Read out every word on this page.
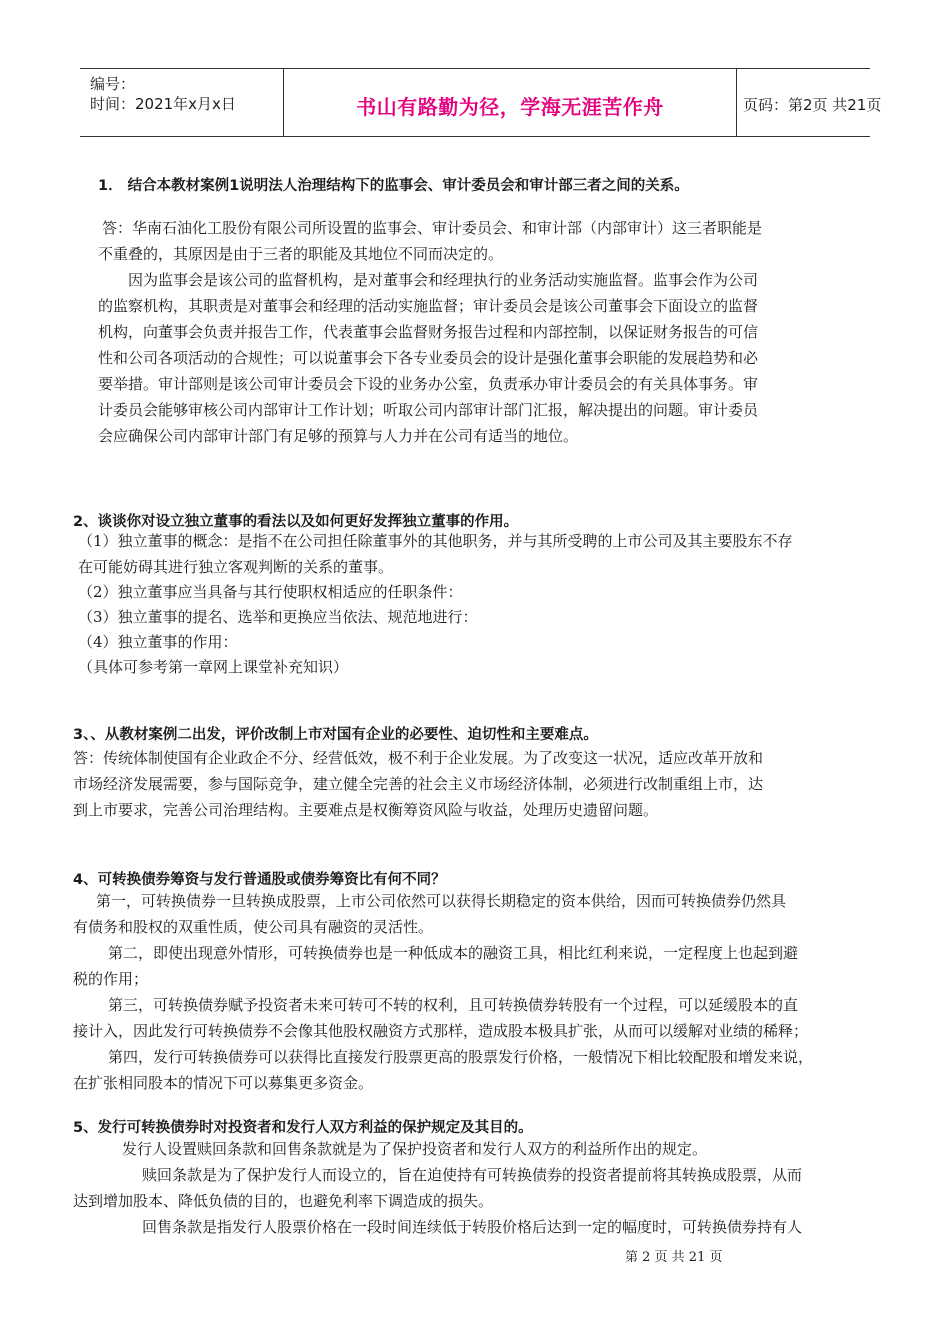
编号：
时间：2021年x月x日	书山有路勤为径，学海无涯苦作舟	页码：第2页 共21页
1． 结合本教材案例1说明法人治理结构下的监事会、审计委员会和审计部三者之间的关系。
答：华南石油化工股份有限公司所设置的监事会、审计委员会、和审计部（内部审计）这三者职能是
不重叠的，其原因是由于三者的职能及其地位不同而决定的。
因为监事会是该公司的监督机构，是对董事会和经理执行的业务活动实施监督。监事会作为公司
的监察机构，其职责是对董事会和经理的活动实施监督；审计委员会是该公司董事会下面设立的监督
机构，向董事会负责并报告工作，代表董事会监督财务报告过程和内部控制，以保证财务报告的可信
性和公司各项活动的合规性；可以说董事会下各专业委员会的设计是强化董事会职能的发展趋势和必
要举措。审计部则是该公司审计委员会下设的业务办公室，负责承办审计委员会的有关具体事务。审
计委员会能够审核公司内部审计工作计划；听取公司内部审计部门汇报，解决提出的问题。审计委员
会应确保公司内部审计部门有足够的预算与人力并在公司有适当的地位。
2、谈谈你对设立独立董事的看法以及如何更好发挥独立董事的作用。
（1）独立董事的概念：是指不在公司担任除董事外的其他职务，并与其所受聘的上市公司及其主要股东不存
在可能妨碍其进行独立客观判断的关系的董事。
（2）独立董事应当具备与其行使职权相适应的任职条件：
（3）独立董事的提名、选举和更换应当依法、规范地进行：
（4）独立董事的作用：
（具体可参考第一章网上课堂补充知识）
3、、从教材案例二出发，评价改制上市对国有企业的必要性、迫切性和主要难点。
答：传统体制使国有企业政企不分、经营低效，极不利于企业发展。为了改变这一状况，适应改革开放和
市场经济发展需要，参与国际竞争，建立健全完善的社会主义市场经济体制，必须进行改制重组上市，达
到上市要求，完善公司治理结构。主要难点是权衡筹资风险与收益，处理历史遗留问题。
4、可转换债券筹资与发行普通股或债券筹资比有何不同？
第一，可转换债券一旦转换成股票，上市公司依然可以获得长期稳定的资本供给，因而可转换债券仍然具
有债务和股权的双重性质，使公司具有融资的灵活性。
第二，即使出现意外情形，可转换债券也是一种低成本的融资工具，相比红利来说，一定程度上也起到避
税的作用；
第三，可转换债券赋予投资者未来可转可不转的权利，且可转换债券转股有一个过程，可以延缓股本的直
接计入，因此发行可转换债券不会像其他股权融资方式那样，造成股本极具扩张，从而可以缓解对业绩的稀释；
第四，发行可转换债券可以获得比直接发行股票更高的股票发行价格，一般情况下相比较配股和增发来说，
在扩张相同股本的情况下可以募集更多资金。
5、发行可转换债券时对投资者和发行人双方利益的保护规定及其目的。
发行人设置赎回条款和回售条款就是为了保护投资者和发行人双方的利益所作出的规定。
赎回条款是为了保护发行人而设立的，旨在迫使持有可转换债券的投资者提前将其转换成股票，从而
达到增加股本、降低负债的目的，也避免利率下调造成的损失。
回售条款是指发行人股票价格在一段时间连续低于转股价格后达到一定的幅度时，可转换债券持有人
第 2 页 共 21 页
